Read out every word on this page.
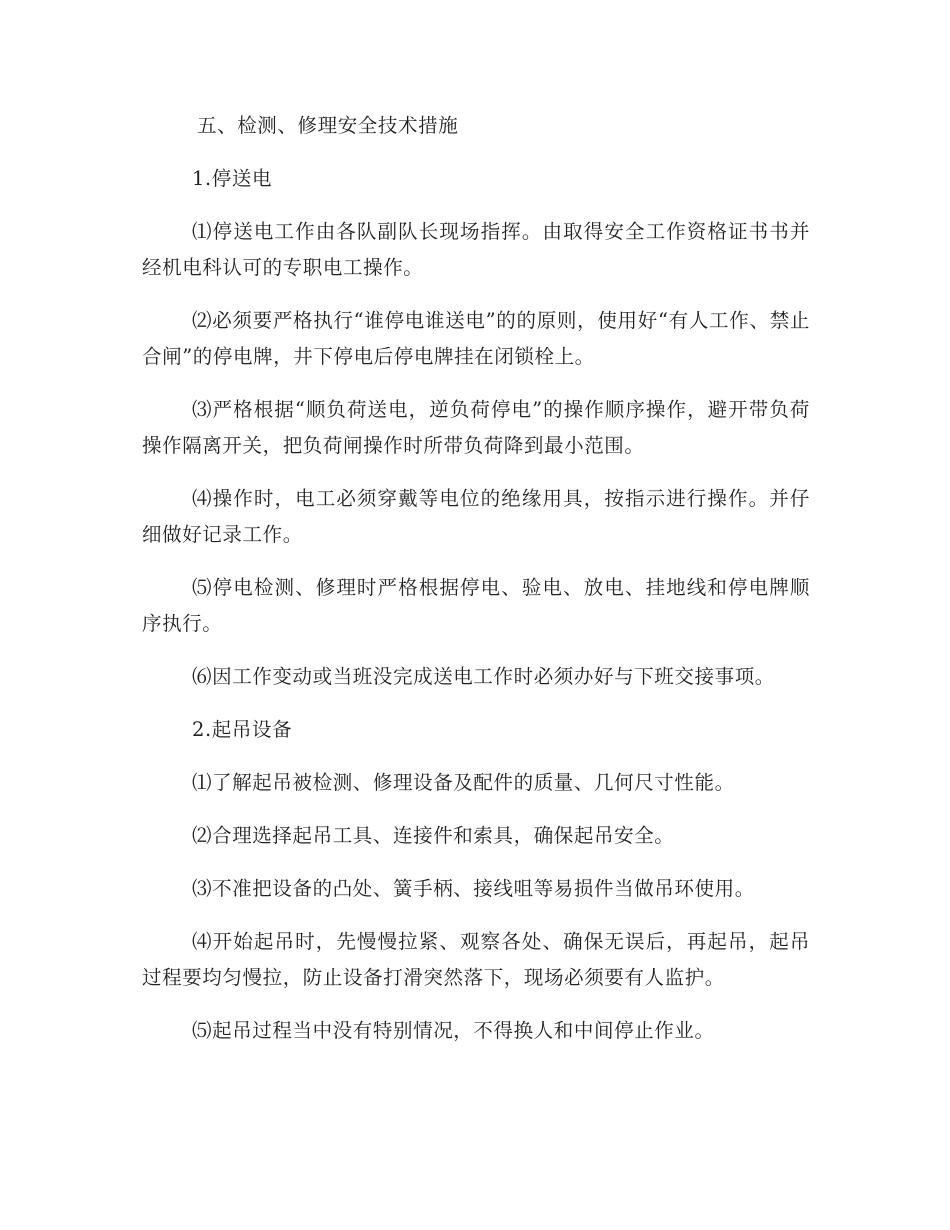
五、检测、修理安全技术措施

1.停送电

⑴停送电工作由各队副队长现场指挥。由取得安全工作资格证书书并经机电科认可的专职电工操作。

⑵必须要严格执行“谁停电谁送电”的的原则，使用好“有人工作、禁止合闸”的停电牌，井下停电后停电牌挂在闭锁栓上。

⑶严格根据“顺负荷送电，逆负荷停电”的操作顺序操作，避开带负荷操作隔离开关，把负荷闸操作时所带负荷降到最小范围。

⑷操作时，电工必须穿戴等电位的绝缘用具，按指示进行操作。并仔细做好记录工作。

⑸停电检测、修理时严格根据停电、验电、放电、挂地线和停电牌顺序执行。

⑹因工作变动或当班没完成送电工作时必须办好与下班交接事项。

2.起吊设备

⑴了解起吊被检测、修理设备及配件的质量、几何尺寸性能。

⑵合理选择起吊工具、连接件和索具，确保起吊安全。

⑶不准把设备的凸处、簧手柄、接线咀等易损件当做吊环使用。

⑷开始起吊时，先慢慢拉紧、观察各处、确保无误后，再起吊，起吊过程要均匀慢拉，防止设备打滑突然落下，现场必须要有人监护。

⑸起吊过程当中没有特别情况，不得换人和中间停止作业。
